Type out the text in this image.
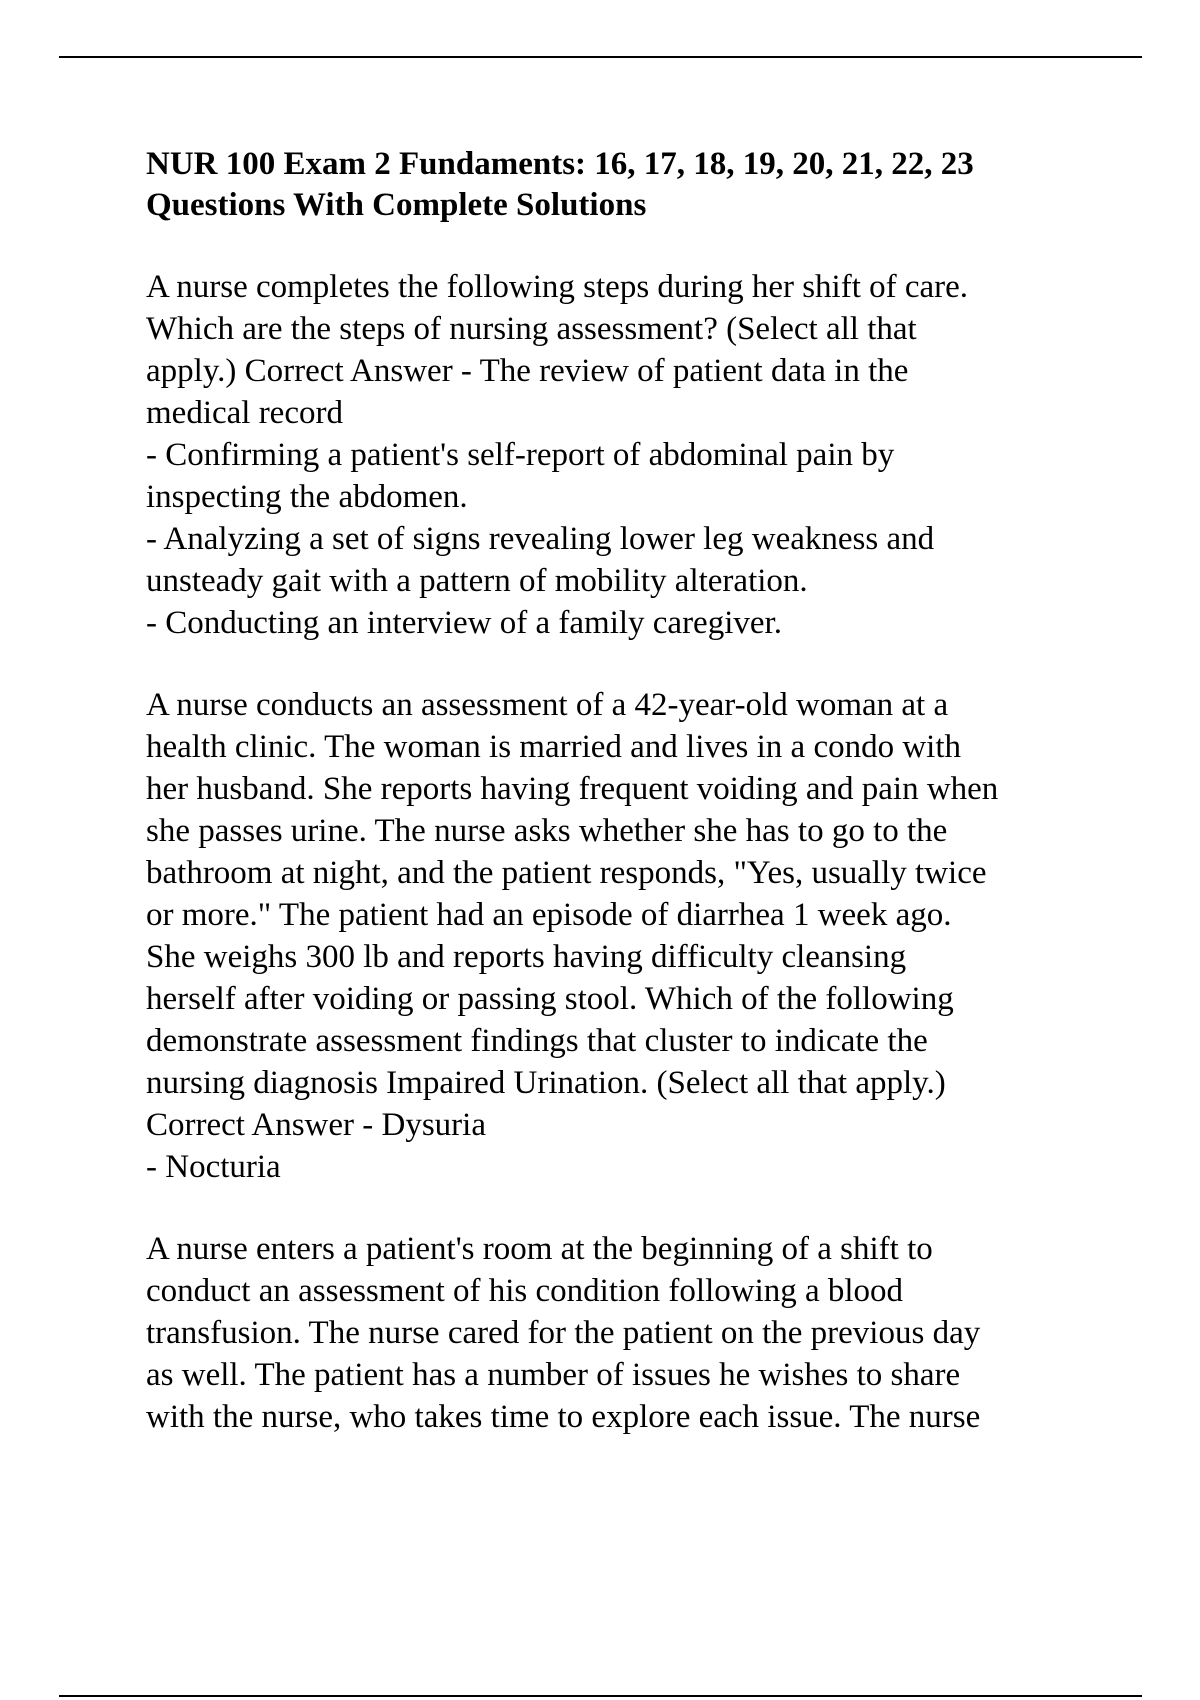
NUR 100 Exam 2 Fundaments: 16, 17, 18, 19, 20, 21, 22, 23
Questions With Complete Solutions
A nurse completes the following steps during her shift of care.
Which are the steps of nursing assessment? (Select all that
apply.) Correct Answer - The review of patient data in the
medical record
- Confirming a patient's self-report of abdominal pain by
inspecting the abdomen.
- Analyzing a set of signs revealing lower leg weakness and
unsteady gait with a pattern of mobility alteration.
- Conducting an interview of a family caregiver.
A nurse conducts an assessment of a 42-year-old woman at a
health clinic. The woman is married and lives in a condo with
her husband. She reports having frequent voiding and pain when
she passes urine. The nurse asks whether she has to go to the
bathroom at night, and the patient responds, "Yes, usually twice
or more." The patient had an episode of diarrhea 1 week ago.
She weighs 300 lb and reports having difficulty cleansing
herself after voiding or passing stool. Which of the following
demonstrate assessment findings that cluster to indicate the
nursing diagnosis Impaired Urination. (Select all that apply.)
Correct Answer - Dysuria
- Nocturia
A nurse enters a patient's room at the beginning of a shift to
conduct an assessment of his condition following a blood
transfusion. The nurse cared for the patient on the previous day
as well. The patient has a number of issues he wishes to share
with the nurse, who takes time to explore each issue. The nurse
